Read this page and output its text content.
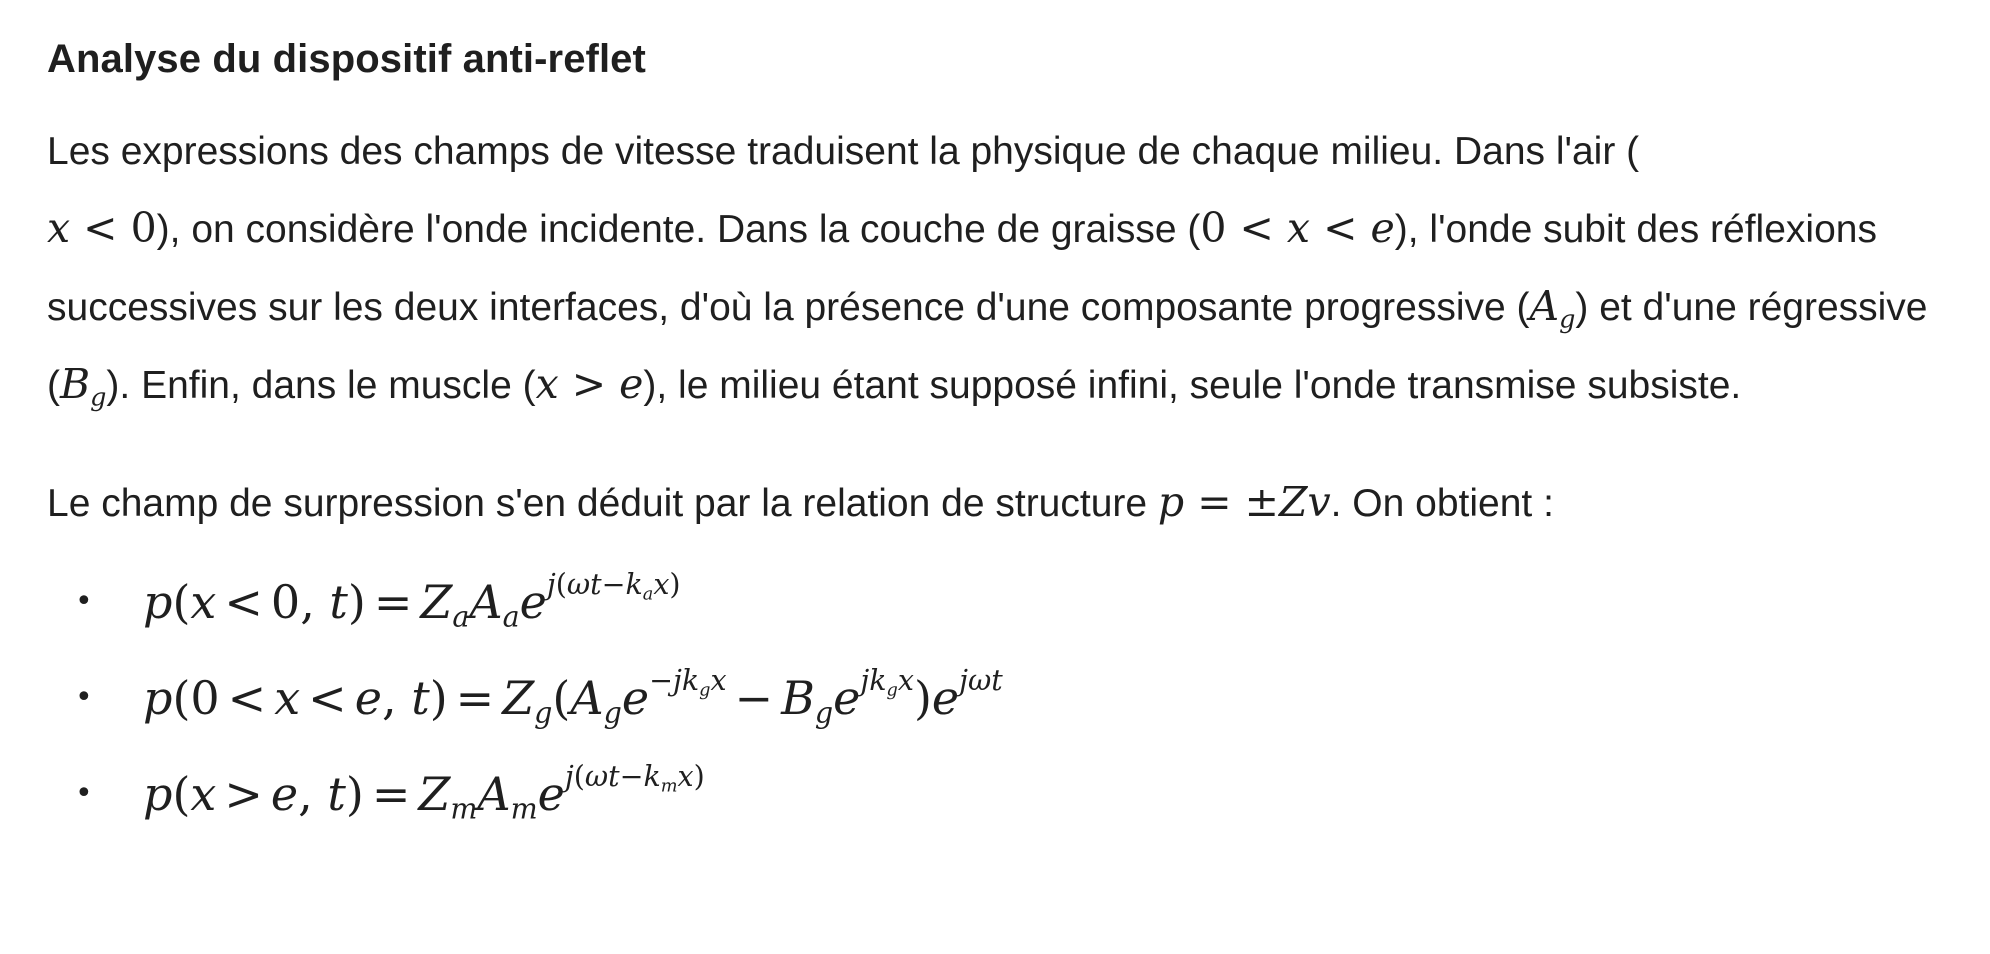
Analyse du dispositif anti-reflet

Les expressions des champs de vitesse traduisent la physique de chaque milieu. Dans l'air (
x < 0), on considère l'onde incidente. Dans la couche de graisse (0 < x < e), l'onde subit des réflexions successives sur les deux interfaces, d'où la présence d'une composante progressive $(A_g)$ et d'une régressive $(B_g)$. Enfin, dans le muscle (x > e), le milieu étant supposé infini, seule l'onde transmise subsiste.

Le champ de surpression s'en déduit par la relation de structure p = ±Zv. On obtient :

• p(x < 0, $t) = Z_aA_ae^{j(\omega t-k_ax)}$
• p(0 < x < e, $t) = Z_g(A_ge^{-jk_gx} - B_ge^{jk_gx})e^{j\omega t}$
• p(x > e, $t) = Z_mA_me^{j(\omega t-k_mx)}$
